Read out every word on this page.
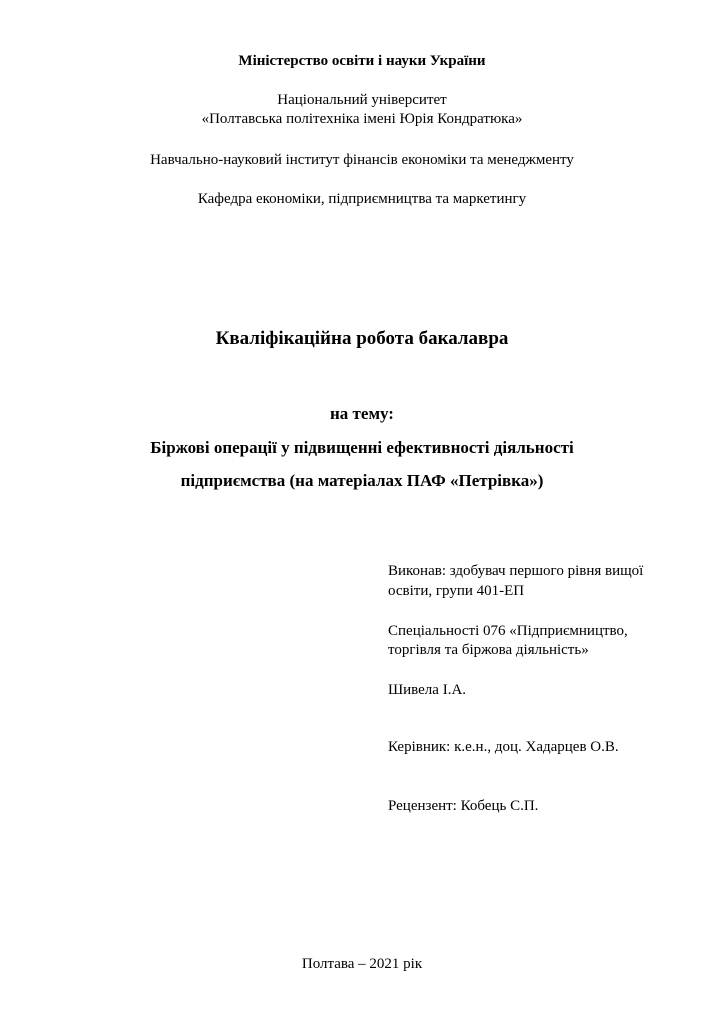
Міністерство освіти і науки України
Національний університет
«Полтавська політехніка імені Юрія Кондратюка»
Навчально-науковий інститут фінансів економіки та менеджменту
Кафедра економіки, підприємництва та маркетингу
Кваліфікаційна робота бакалавра
на тему:
Біржові операції у підвищенні ефективності діяльності
підприємства (на матеріалах ПАФ «Петрівка»)
Виконав: здобувач першого рівня вищої
освіти, групи 401-ЕП
Спеціальності 076 «Підприємництво,
торгівля та біржова діяльність»
Шивела І.А.
Керівник: к.е.н., доц. Хадарцев О.В.
Рецензент: Кобець С.П.
Полтава – 2021 рік
